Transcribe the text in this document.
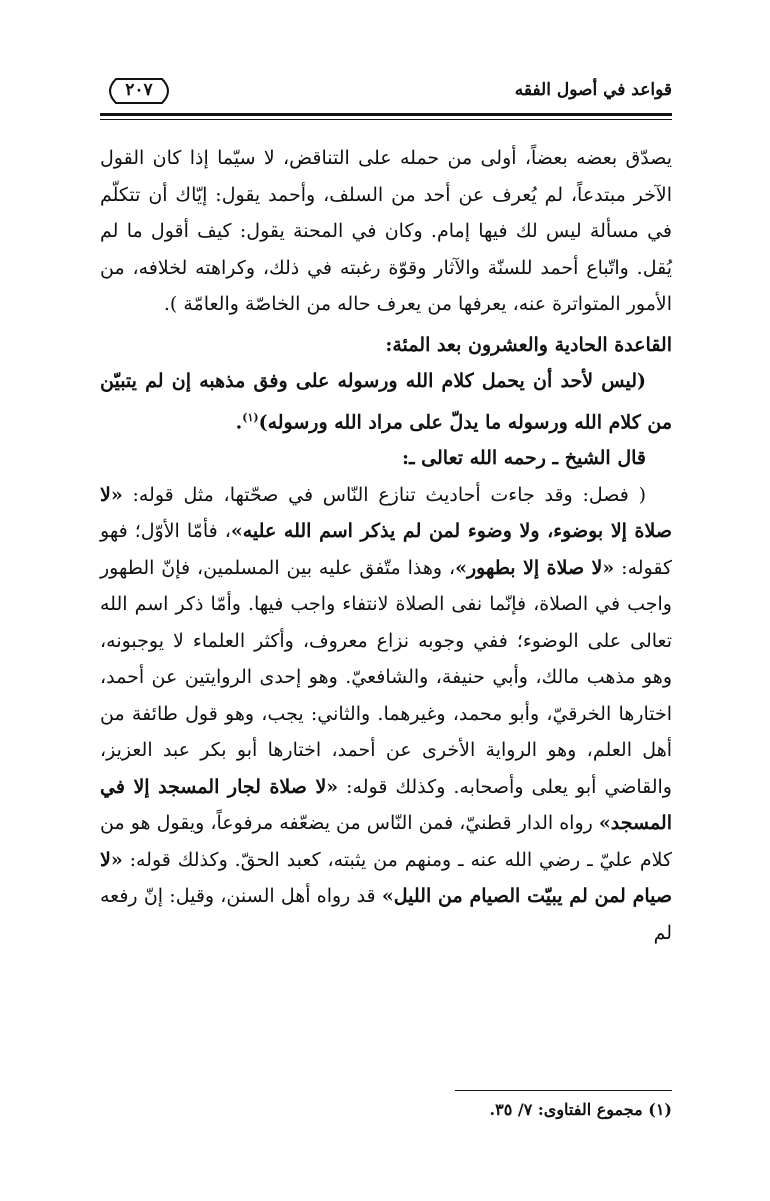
قواعد في أصول الفقه
٢٠٧

يصدّق بعضه بعضاً، أولى من حمله على التناقض، لا سيّما إذا كان القول الآخر مبتدعاً، لم يُعرف عن أحد من السلف، وأحمد يقول: إيّاك أن تتكلّم في مسألة ليس لك فيها إمام. وكان في المحنة يقول: كيف أقول ما لم يُقل. واتّباع أحمد للسنّة والآثار وقوّة رغبته في ذلك، وكراهته لخلافه، من الأمور المتواترة عنه، يعرفها من يعرف حاله من الخاصّة والعامّة ).

القاعدة الحادية والعشرون بعد المئة:

(ليس لأحد أن يحمل كلام الله ورسوله على وفق مذهبه إن لم يتبيّن من كلام الله ورسوله ما يدلّ على مراد الله ورسوله)$^{(١)}$.

قال الشيخ ـ رحمه الله تعالى ـ:

( فصل: وقد جاءت أحاديث تنازع النّاس في صحّتها، مثل قوله: «لا صلاة إلا بوضوء، ولا وضوء لمن لم يذكر اسم الله عليه»، فأمّا الأوّل؛ فهو كقوله: «لا صلاة إلا بطهور»، وهذا متّفق عليه بين المسلمين، فإنّ الطهور واجب في الصلاة، فإنّما نفى الصلاة لانتفاء واجب فيها. وأمّا ذكر اسم الله تعالى على الوضوء؛ ففي وجوبه نزاع معروف، وأكثر العلماء لا يوجبونه، وهو مذهب مالك، وأبي حنيفة، والشافعيّ. وهو إحدى الروايتين عن أحمد، اختارها الخرقيّ، وأبو محمد، وغيرهما. والثاني: يجب، وهو قول طائفة من أهل العلم، وهو الرواية الأخرى عن أحمد، اختارها أبو بكر عبد العزيز، والقاضي أبو يعلى وأصحابه. وكذلك قوله: «لا صلاة لجار المسجد إلا في المسجد» رواه الدار قطنيّ، فمن النّاس من يضعّفه مرفوعاً، ويقول هو من كلام عليّ ـ رضي الله عنه ـ ومنهم من يثبته، كعبد الحقّ. وكذلك قوله: «لا صيام لمن لم يبيّت الصيام من الليل» قد رواه أهل السنن، وقيل: إنّ رفعه لم

(١) مجموع الفتاوى: ٧/ ٣٥.
